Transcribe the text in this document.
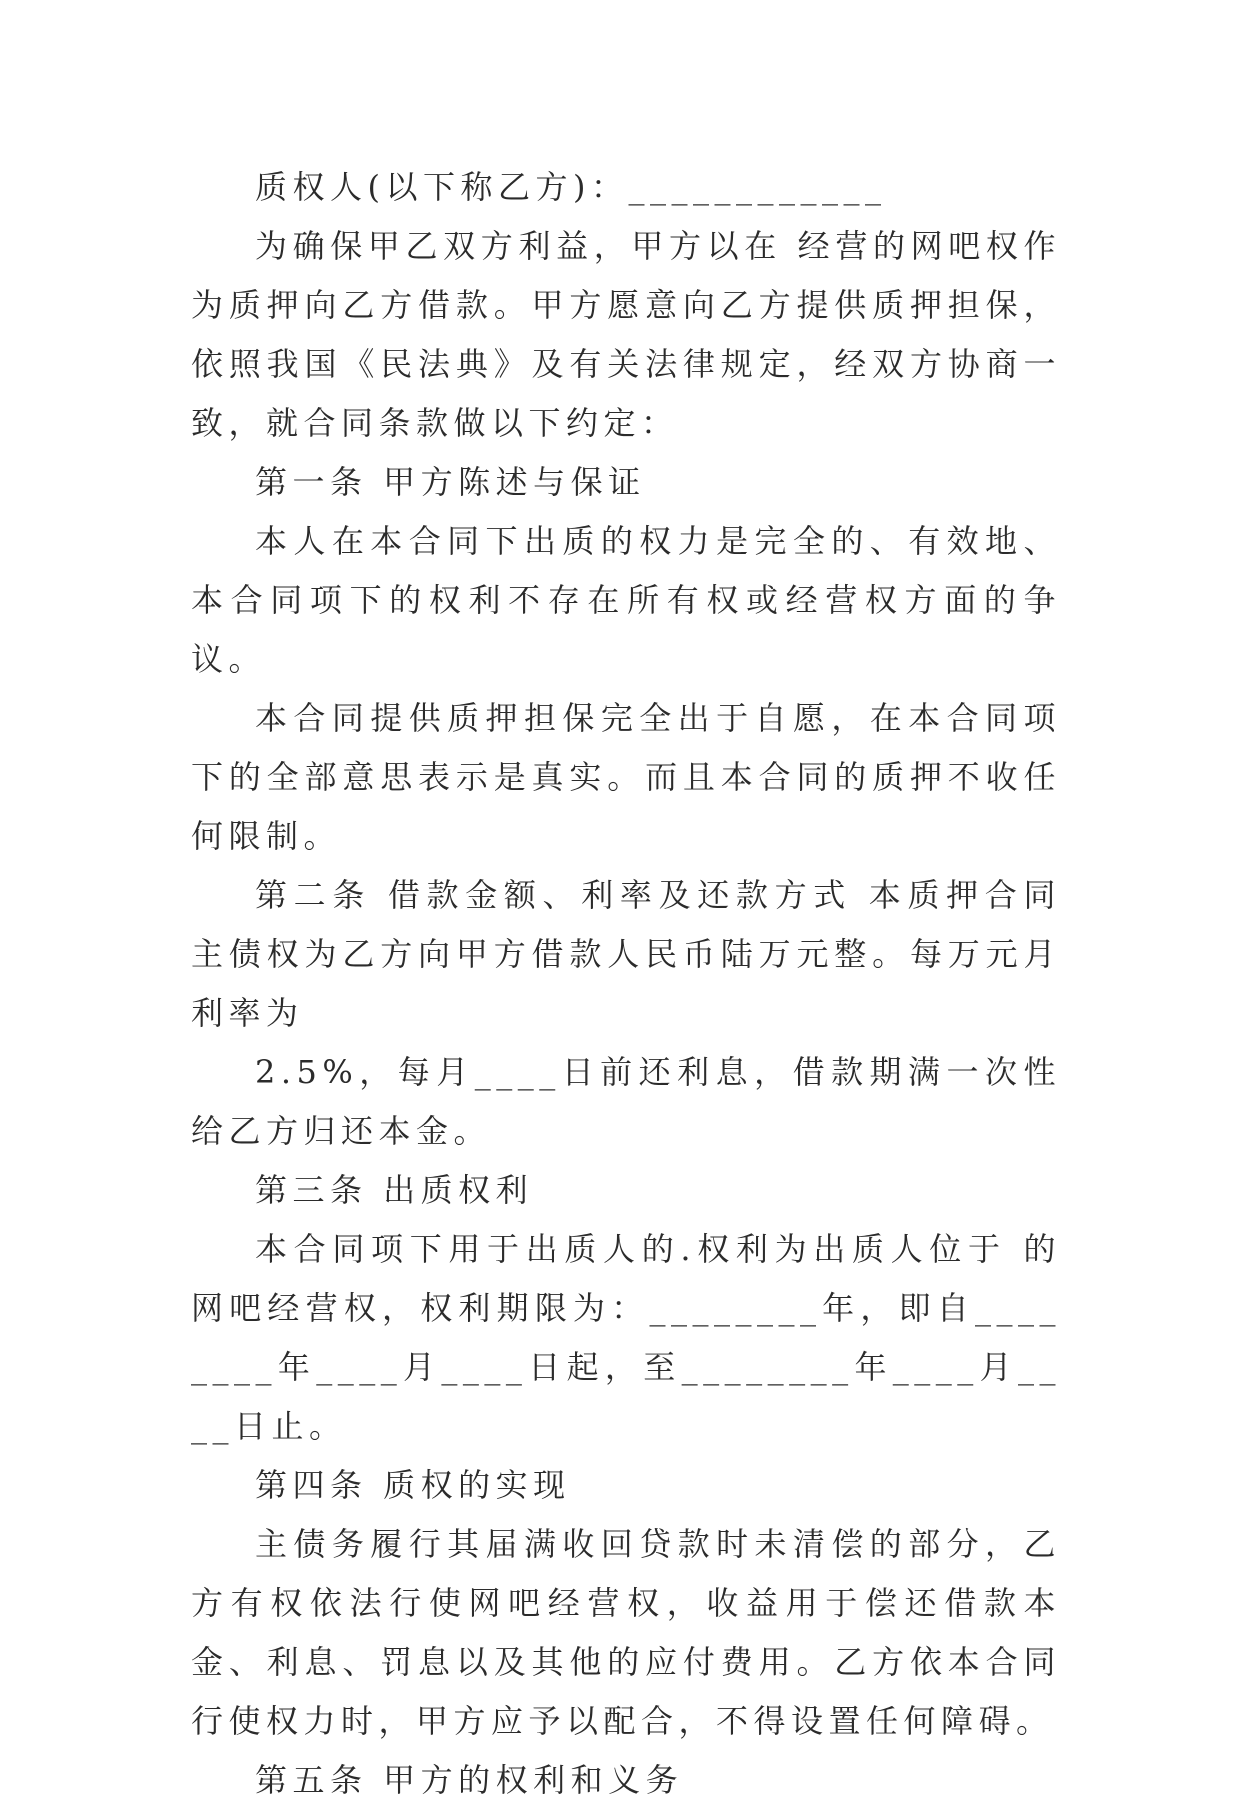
质权人(以下称乙方)：____________

为确保甲乙双方利益，甲方以在 经营的网吧权作为质押向乙方借款。甲方愿意向乙方提供质押担保，依照我国《民法典》及有关法律规定，经双方协商一致，就合同条款做以下约定：

第一条 甲方陈述与保证

本人在本合同下出质的权力是完全的、有效地、本合同项下的权利不存在所有权或经营权方面的争议。

本合同提供质押担保完全出于自愿，在本合同项下的全部意思表示是真实。而且本合同的质押不收任何限制。

第二条 借款金额、利率及还款方式 本质押合同主债权为乙方向甲方借款人民币陆万元整。每万元月利率为

2.5%，每月____日前还利息，借款期满一次性给乙方归还本金。

第三条 出质权利

本合同项下用于出质人的.权利为出质人位于 的网吧经营权，权利期限为：________年，即自________年____月____日起，至________年____月____日止。

第四条 质权的实现

主债务履行其届满收回贷款时未清偿的部分，乙方有权依法行使网吧经营权，收益用于偿还借款本金、利息、罚息以及其他的应付费用。乙方依本合同行使权力时，甲方应予以配合，不得设置任何障碍。

第五条 甲方的权利和义务
